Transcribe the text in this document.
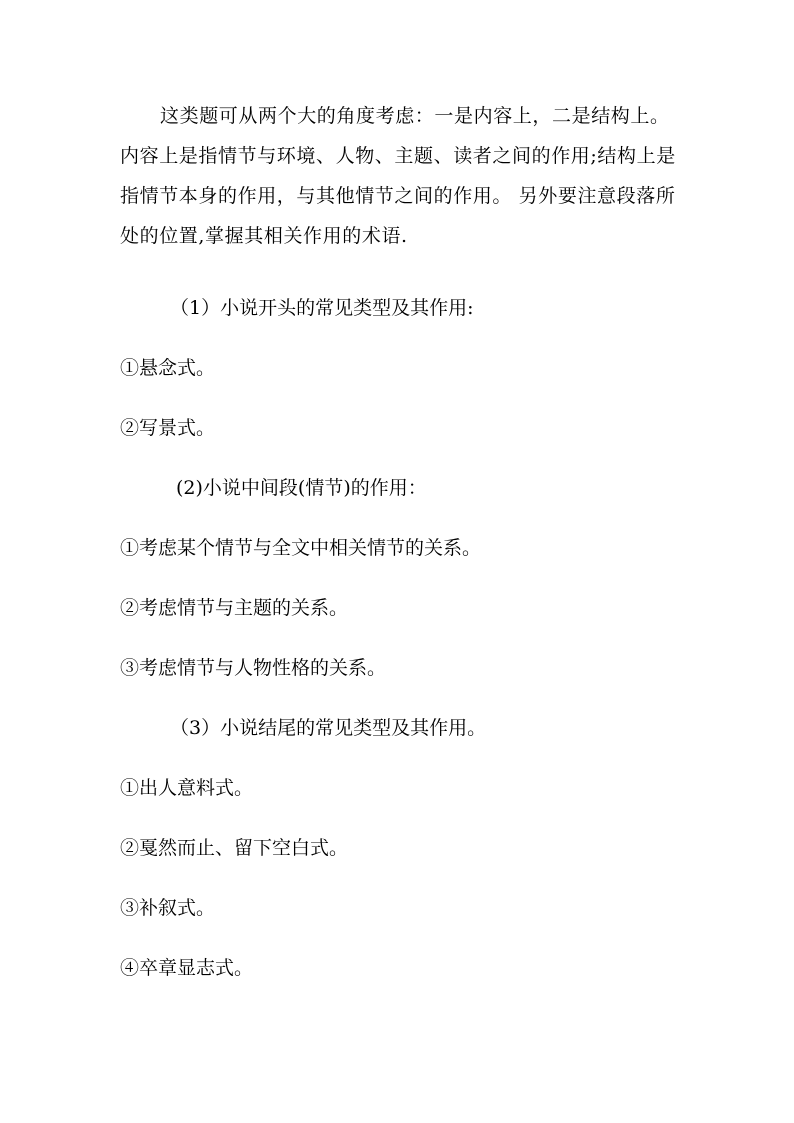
这类题可从两个大的角度考虑：一是内容上，二是结构上。内容上是指情节与环境、人物、主题、读者之间的作用;结构上是指情节本身的作用，与其他情节之间的作用。 另外要注意段落所处的位置,掌握其相关作用的术语.

（1）小说开头的常见类型及其作用:

①悬念式。

②写景式。

(2)小说中间段(情节)的作用：

①考虑某个情节与全文中相关情节的关系。

②考虑情节与主题的关系。

③考虑情节与人物性格的关系。

（3）小说结尾的常见类型及其作用。

①出人意料式。

②戛然而止、留下空白式。

③补叙式。

④卒章显志式。
